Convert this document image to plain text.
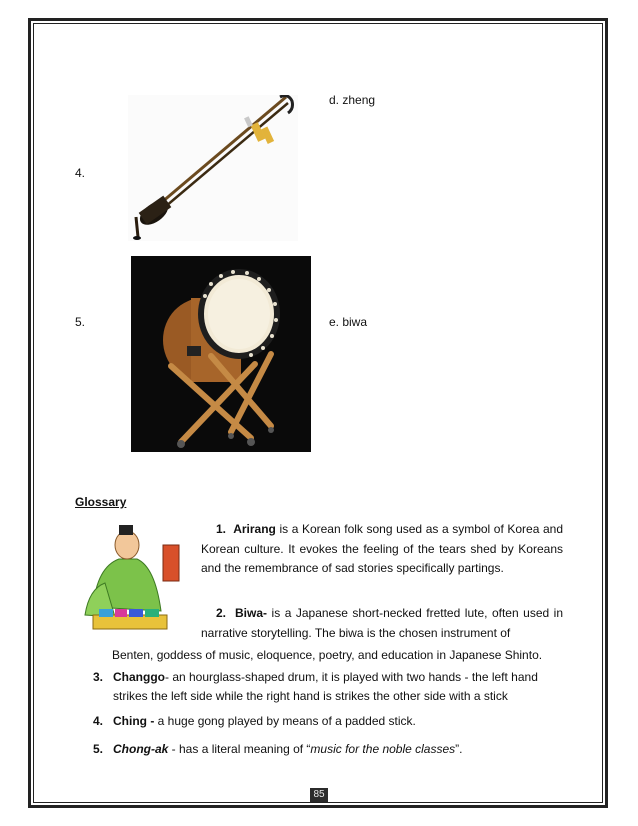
d. zheng
4.
5.	e. biwa
Glossary
1. Arirang is a Korean folk song used as a symbol of Korea and Korean culture. It evokes the feeling of the tears shed by Koreans and the remembrance of sad stories specifically partings.
2. Biwa- is a Japanese short-necked fretted lute, often used in narrative storytelling. The biwa is the chosen instrument of
Benten, goddess of music, eloquence, poetry, and education in Japanese Shinto.
3. Changgo- an hourglass-shaped drum, it is played with two hands - the left hand strikes the left side while the right hand is strikes the other side with a stick
4. Ching - a huge gong played by means of a padded stick.
5. Chong-ak - has a literal meaning of “music for the noble classes”.
85
